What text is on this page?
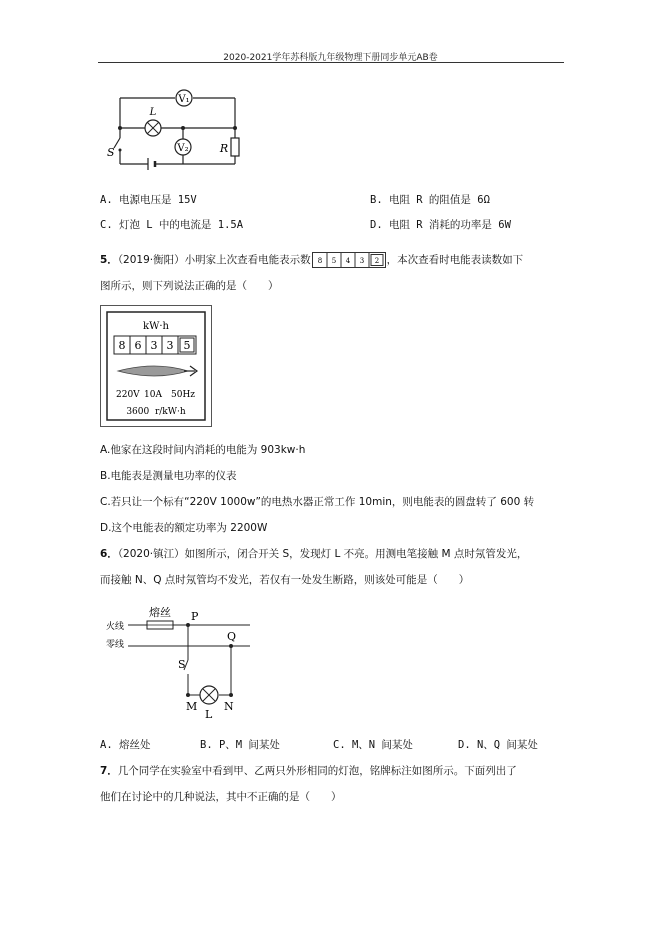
2020-2021学年苏科版九年级物理下册同步单元AB卷
V₁
L
V₂	R
S
A. 电源电压是 15V	B. 电阻 R 的阻值是 6Ω
C. 灯泡 L 中的电流是 1.5A	D. 电阻 R 消耗的功率是 6W
5．（2019·衡阳）小明家上次查看电能表示数 8 5 4 3 2 ，本次查看时电能表读数如下
图所示，则下列说法正确的是（　　）
kW·h
8 6 3 3 5
220V 10A 50Hz
3600  r/kW·h
A.他家在这段时间内消耗的电能为 903kw·h
B.电能表是测量电功率的仪表
C.若只让一个标有“220V 1000w”的电热水器正常工作 10min，则电能表的圆盘转了 600 转
D.这个电能表的额定功率为 2200W
6．（2020·镇江）如图所示，闭合开关 S，发现灯 L 不亮。用测电笔接触 M 点时氖管发光，
而接触 N、Q 点时氖管均不发光，若仅有一处发生断路，则该处可能是（　　）
熔丝
火线
零线
P
Q
S
M
L
N
A. 熔丝处	B. P、M 间某处	C. M、N 间某处	D. N、Q 间某处
7．几个同学在实验室中看到甲、乙两只外形相同的灯泡，铭牌标注如图所示。下面列出了
他们在讨论中的几种说法，其中不正确的是（　　）
